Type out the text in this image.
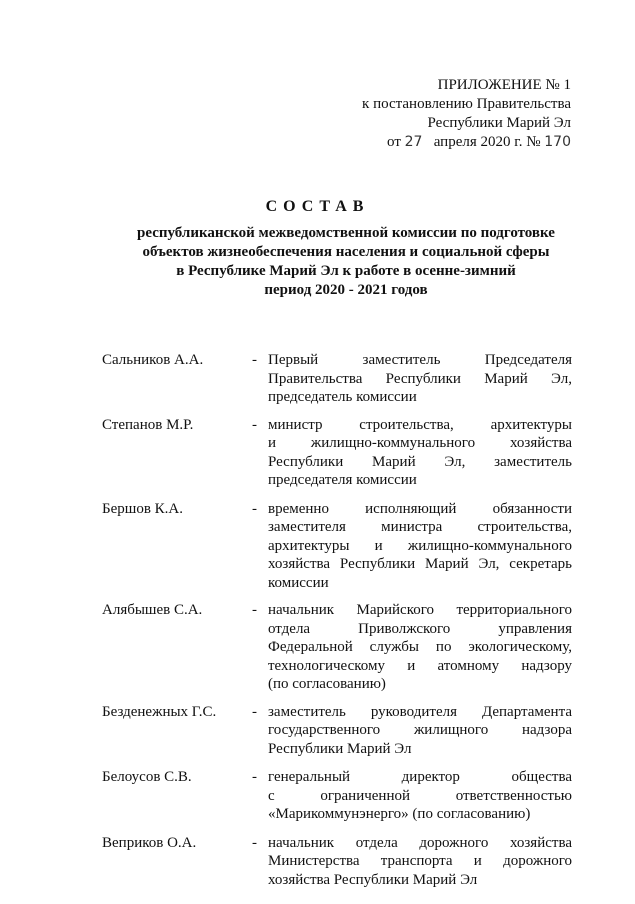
ПРИЛОЖЕНИЕ № 1
к постановлению Правительства
Республики Марий Эл
от 27 апреля 2020 г. № 170
СОСТАВ
республиканской межведомственной комиссии по подготовке
объектов жизнеобеспечения населения и социальной сферы
в Республике Марий Эл к работе в осенне-зимний
период 2020 - 2021 годов
Сальников А.А.	- Первый заместитель Председателя
Правительства Республики Марий Эл,
председатель комиссии
Степанов М.Р.	- министр строительства, архитектуры
и жилищно-коммунального хозяйства
Республики Марий Эл, заместитель
председателя комиссии
Бершов К.А.	- временно исполняющий обязанности
заместителя министра строительства,
архитектуры и жилищно-коммунального
хозяйства Республики Марий Эл, секретарь
комиссии
Алябышев С.А.	- начальник Марийского территориального
отдела Приволжского управления
Федеральной службы по экологическому,
технологическому и атомному надзору
(по согласованию)
Безденежных Г.С.	- заместитель руководителя Департамента
государственного жилищного надзора
Республики Марий Эл
Белоусов С.В.	- генеральный директор общества
с ограниченной ответственностью
«Марикоммунэнерго» (по согласованию)
Веприков О.А.	- начальник отдела дорожного хозяйства
Министерства транспорта и дорожного
хозяйства Республики Марий Эл
